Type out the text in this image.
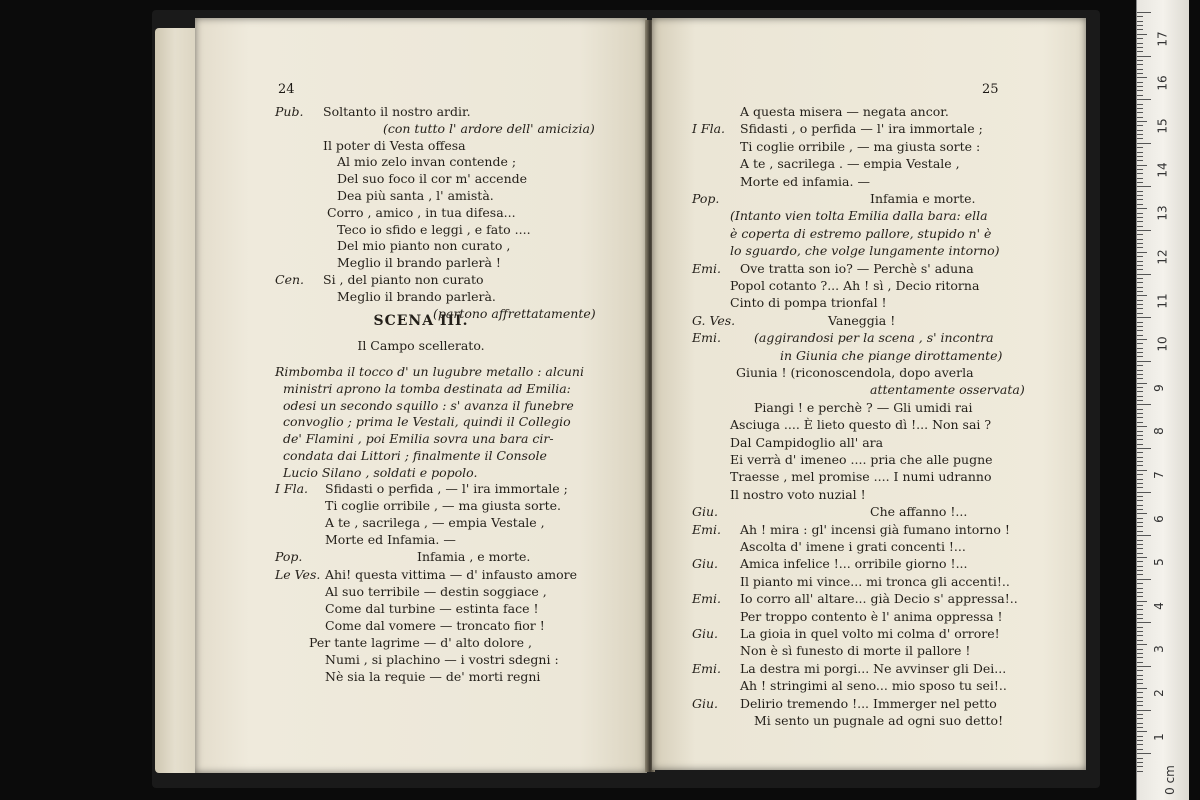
24
Pub. Soltanto il nostro ardir.
(con tutto l' ardore dell' amicizia)
Il poter di Vesta offesa
Al mio zelo invan contende ;
Del suo foco il cor m' accende
Dea più santa , l' amistà.
Corro , amico , in tua difesa...
Teco io sfido e leggi , e fato ....
Del mio pianto non curato ,
Meglio il brando parlerà !
Cen. Si , del pianto non curato
Meglio il brando parlerà.
(partono affrettatamente)
SCENA III.
Il Campo scellerato.
Rimbomba il tocco d' un lugubre metallo : alcuni
ministri aprono la tomba destinata ad Emilia:
odesi un secondo squillo : s' avanza il funebre
convoglio ; prima le Vestali, quindi il Collegio
de' Flamini , poi Emilia sovra una bara cir-
condata dai Littori ; finalmente il Console
Lucio Silano , soldati e popolo.
I Fla. Sfidasti o perfida , — l' ira immortale ;
Ti coglie orribile , — ma giusta sorte.
A te , sacrilega , — empia Vestale ,
Morte ed Infamia. —
Pop.	Infamia , e morte.
Le Ves. Ahi! questa vittima — d' infausto amore
Al suo terribile — destin soggiace ,
Come dal turbine — estinta face !
Come dal vomere — troncato fior !
Per tante lagrime — d' alto dolore ,
Numi , si plachino — i vostri sdegni :
Nè sia la requie — de' morti regni
25
A questa misera — negata ancor.
I Fla. Sfidasti , o perfida — l' ira immortale ;
Ti coglie orribile , — ma giusta sorte :
A te , sacrilega . — empia Vestale ,
Morte ed infamia. —
Pop.	Infamia e morte.
(Intanto vien tolta Emilia dalla bara: ella
è coperta di estremo pallore, stupido n' è
lo sguardo, che volge lungamente intorno)
Emi. Ove tratta son io? — Perchè s' aduna
Popol cotanto ?... Ah ! sì , Decio ritorna
Cinto di pompa trionfal !
G. Ves.	Vaneggia !
Emi.	(aggirandosi per la scena , s' incontra
in Giunia che piange dirottamente)
Giunia ! (riconoscendola, dopo averla
attentamente osservata)
Piangi ! e perchè ? — Gli umidi rai
Asciuga .... È lieto questo dì !... Non sai ?
Dal Campidoglio all' ara
Ei verrà d' imeneo .... pria che alle pugne
Traesse , mel promise .... I numi udranno
Il nostro voto nuzial !
Giu.	Che affanno !...
Emi. Ah ! mira : gl' incensi già fumano intorno !
Ascolta d' imene i grati concenti !...
Giu. Amica infelice !... orribile giorno !...
Il pianto mi vince... mi tronca gli accenti!..
Emi. Io corro all' altare... già Decio s' appressa!..
Per troppo contento è l' anima oppressa !
Giu. La gioia in quel volto mi colma d' orrore!
Non è sì funesto di morte il pallore !
Emi. La destra mi porgi... Ne avvinser gli Dei...
Ah ! stringimi al seno... mio sposo tu sei!..
Giu. Delirio tremendo !... Immerger nel petto
Mi sento un pugnale ad ogni suo detto!
17
16
15
14
13
12
11
10
9
8
7
6
5
4
3
2
1
0 cm
